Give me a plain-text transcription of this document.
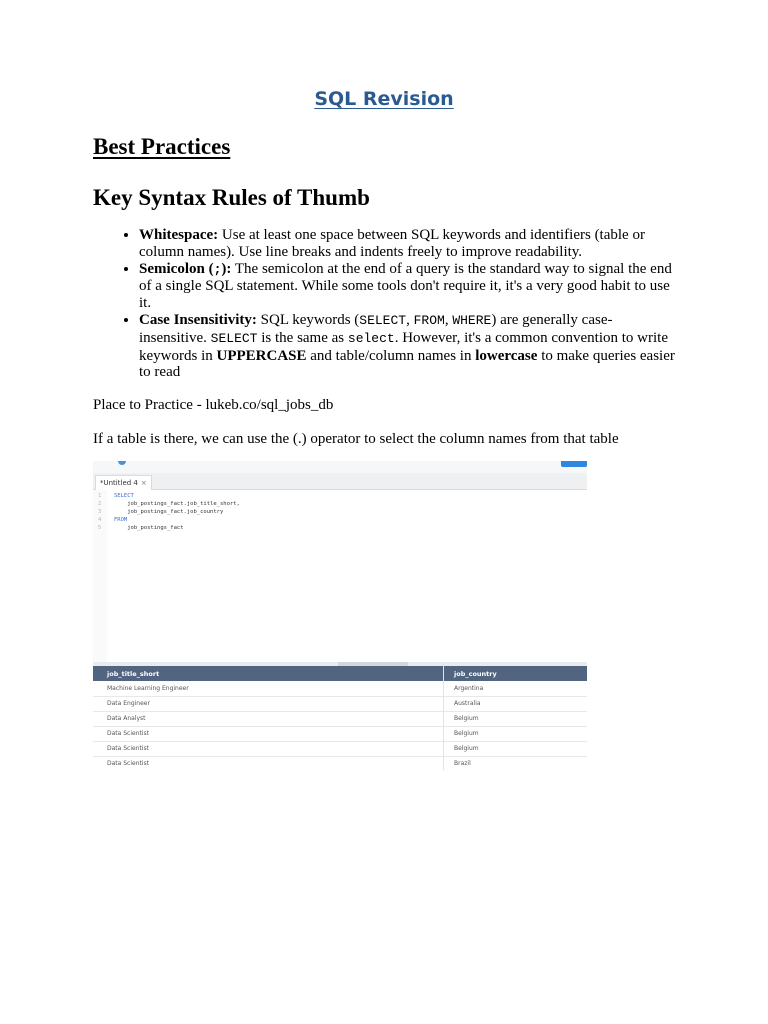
SQL Revision
Best Practices
Key Syntax Rules of Thumb
• Whitespace: Use at least one space between SQL keywords and identifiers (table or column names). Use line breaks and indents freely to improve readability.
• Semicolon (;): The semicolon at the end of a query is the standard way to signal the end of a single SQL statement. While some tools don't require it, it's a very good habit to use it.
• Case Insensitivity: SQL keywords (SELECT, FROM, WHERE) are generally case-insensitive. SELECT is the same as select. However, it's a common convention to write keywords in UPPERCASE and table/column names in lowercase to make queries easier to read

Place to Practice - lukeb.co/sql_jobs_db

If a table is there, we can use the (.) operator to select the column names from that table

*Untitled 4 ×
1 SELECT
2 job_postings_fact.job_title_short,
3 job_postings_fact.job_country
4 FROM
5 job_postings_fact
job_title_short	job_country
Machine Learning Engineer	Argentina
Data Engineer	Australia
Data Analyst	Belgium
Data Scientist	Belgium
Data Scientist	Belgium
Data Scientist	Brazil
